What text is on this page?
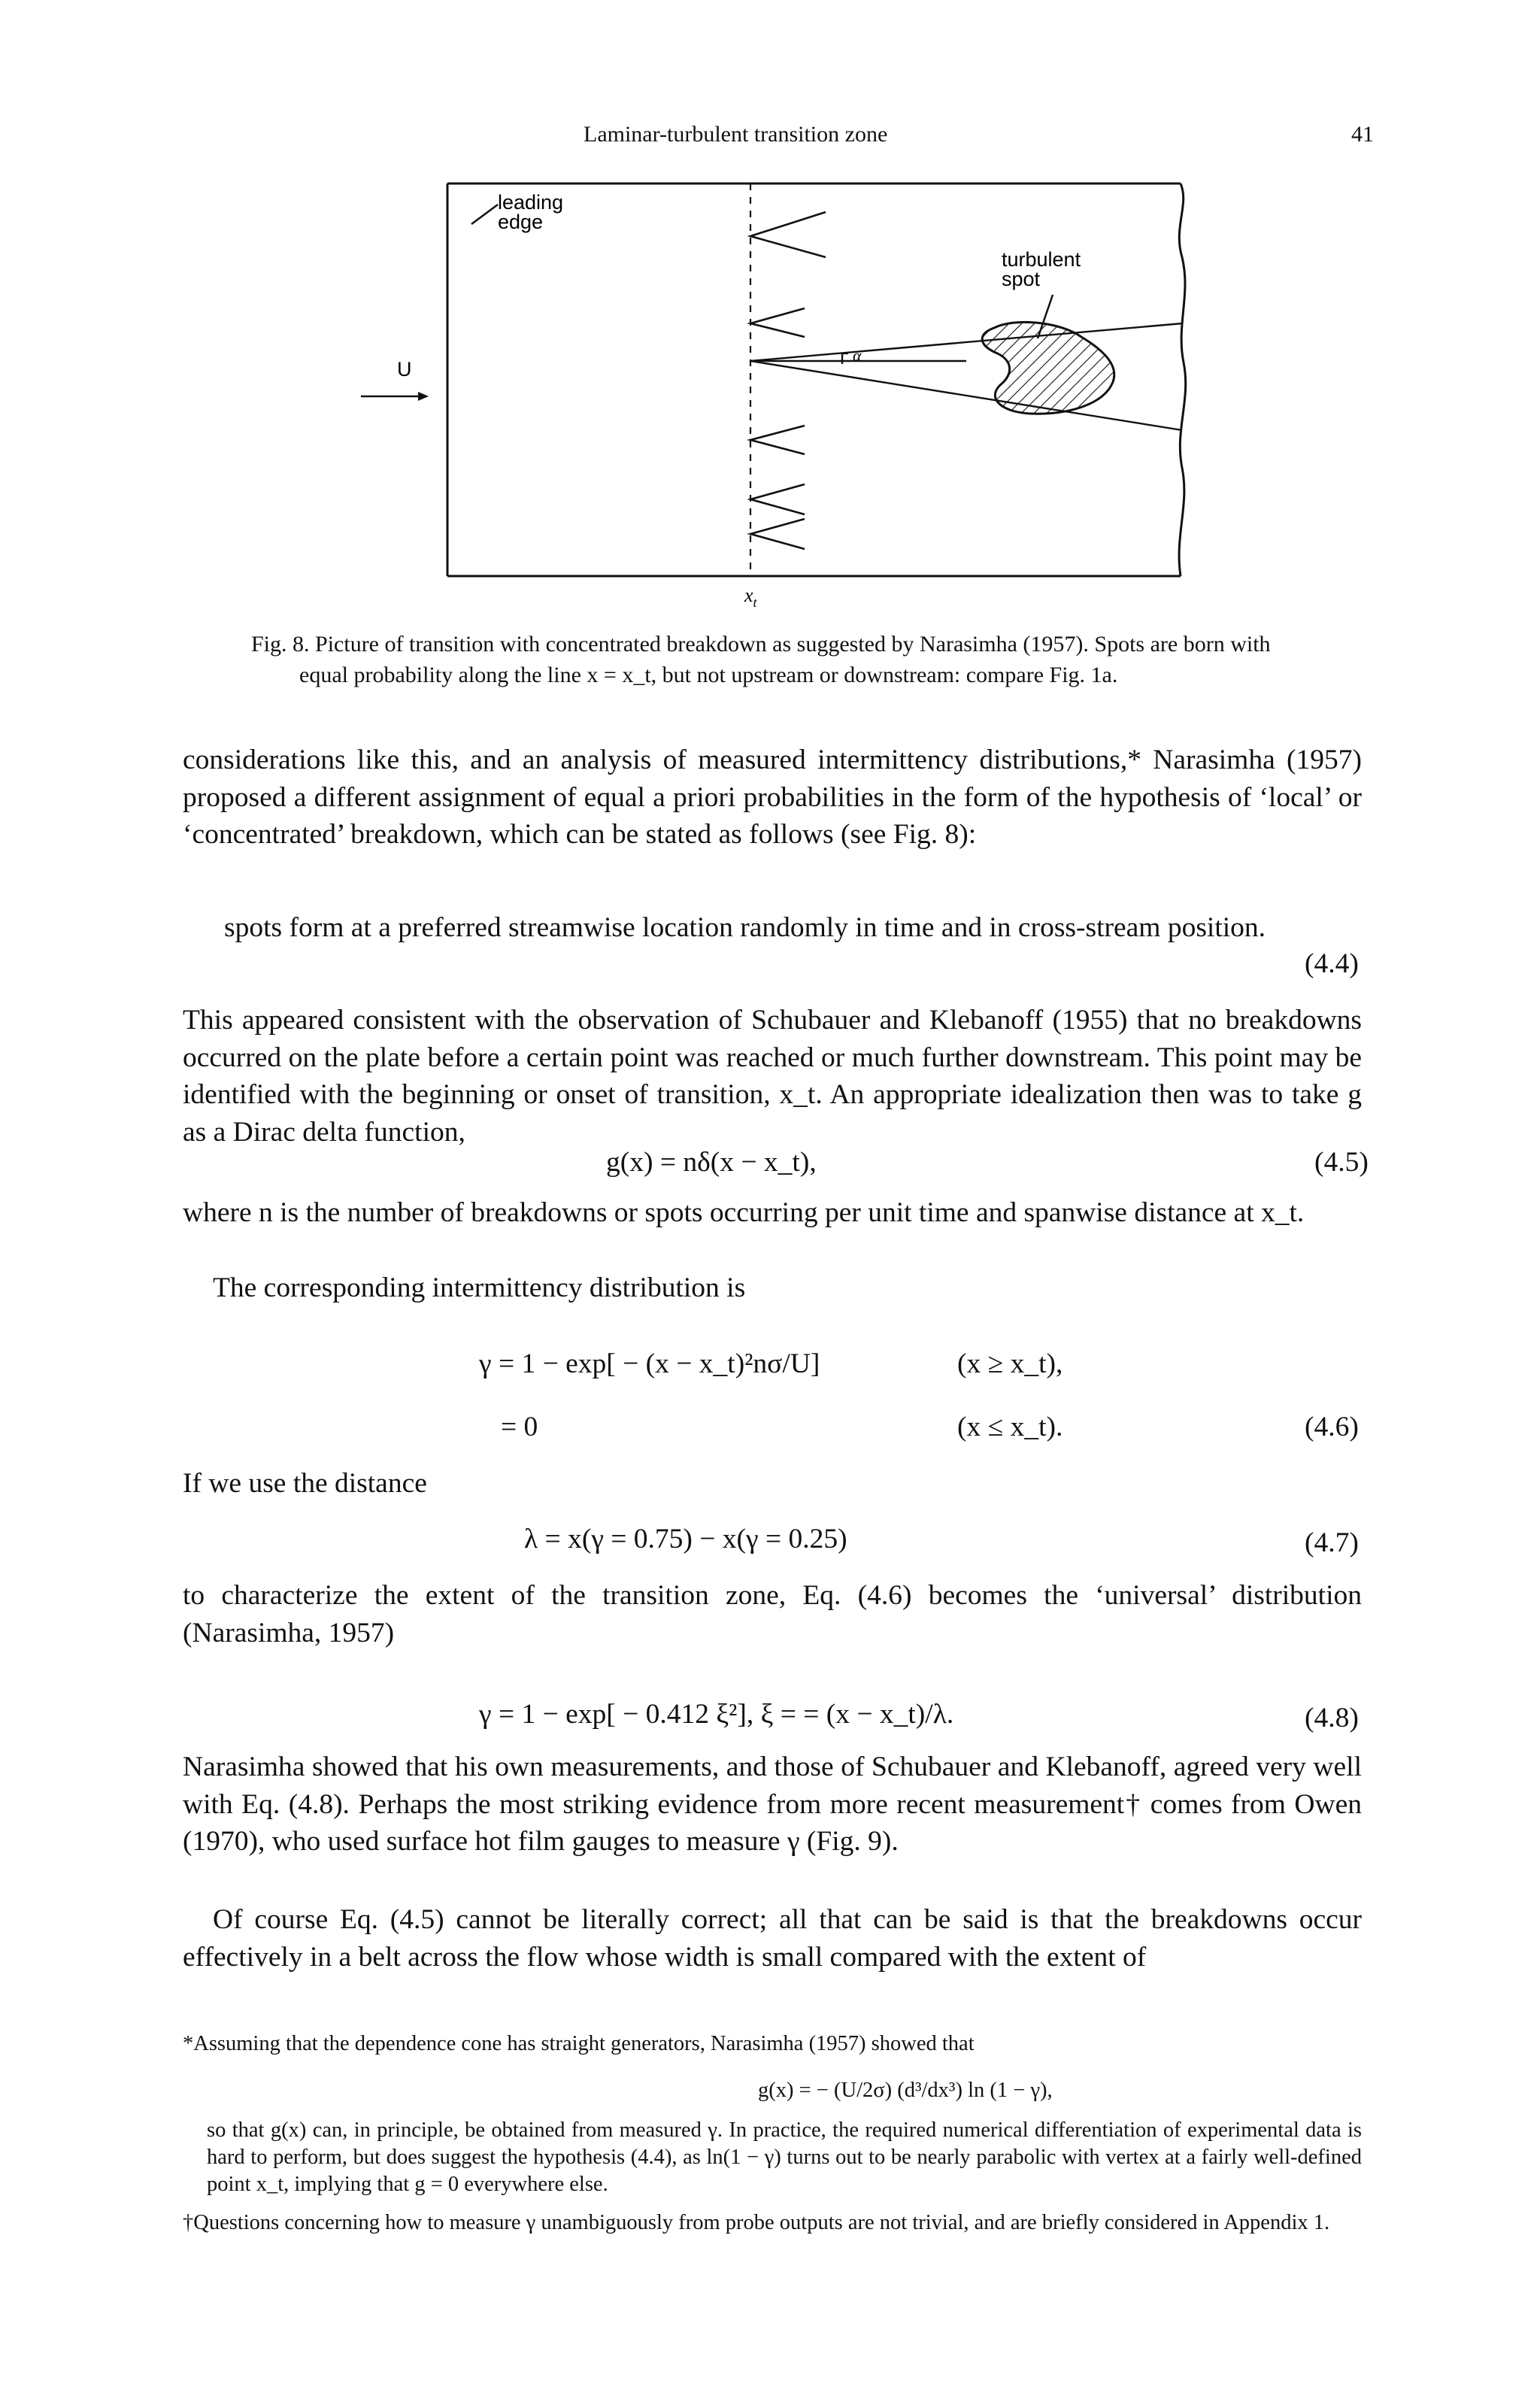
Laminar-turbulent transition zone	41
leading
edge
U
$x_t$
α
turbulent
spot
Fig. 8. Picture of transition with concentrated breakdown as suggested by Narasimha (1957). Spots are born with
equal probability along the line x = x_t, but not upstream or downstream: compare Fig. 1a.
considerations like this, and an analysis of measured intermittency distributions,* Narasimha (1957) proposed a different assignment of equal a priori probabilities in the form of the hypothesis of ‘local’ or ‘concentrated’ breakdown, which can be stated as follows (see Fig. 8):
spots form at a preferred streamwise location randomly in time and in cross-stream position.
(4.4)
This appeared consistent with the observation of Schubauer and Klebanoff (1955) that no breakdowns occurred on the plate before a certain point was reached or much further downstream. This point may be identified with the beginning or onset of transition, x_t. An appropriate idealization then was to take g as a Dirac delta function,
g(x) = nδ(x − x_t),	(4.5)
where n is the number of breakdowns or spots occurring per unit time and spanwise distance at x_t.
The corresponding intermittency distribution is
γ = 1 − exp[ − (x − x_t)²nσ/U]	(x ≥ x_t),
= 0	(x ≤ x_t).	(4.6)
If we use the distance
λ = x(γ = 0.75) − x(γ = 0.25)	(4.7)
to characterize the extent of the transition zone, Eq. (4.6) becomes the ‘universal’ distribution (Narasimha, 1957)
γ = 1 − exp[ − 0.412 ξ²], ξ = = (x − x_t)/λ.	(4.8)
Narasimha showed that his own measurements, and those of Schubauer and Klebanoff, agreed very well with Eq. (4.8). Perhaps the most striking evidence from more recent measurement† comes from Owen (1970), who used surface hot film gauges to measure γ (Fig. 9).
Of course Eq. (4.5) cannot be literally correct; all that can be said is that the breakdowns occur effectively in a belt across the flow whose width is small compared with the extent of
*Assuming that the dependence cone has straight generators, Narasimha (1957) showed that
g(x) = − (U/2σ) (d³/dx³) ln (1 − γ),
so that g(x) can, in principle, be obtained from measured γ. In practice, the required numerical differentiation of experimental data is hard to perform, but does suggest the hypothesis (4.4), as ln(1 − γ) turns out to be nearly parabolic with vertex at a fairly well-defined point x_t, implying that g = 0 everywhere else.
†Questions concerning how to measure γ unambiguously from probe outputs are not trivial, and are briefly considered in Appendix 1.
